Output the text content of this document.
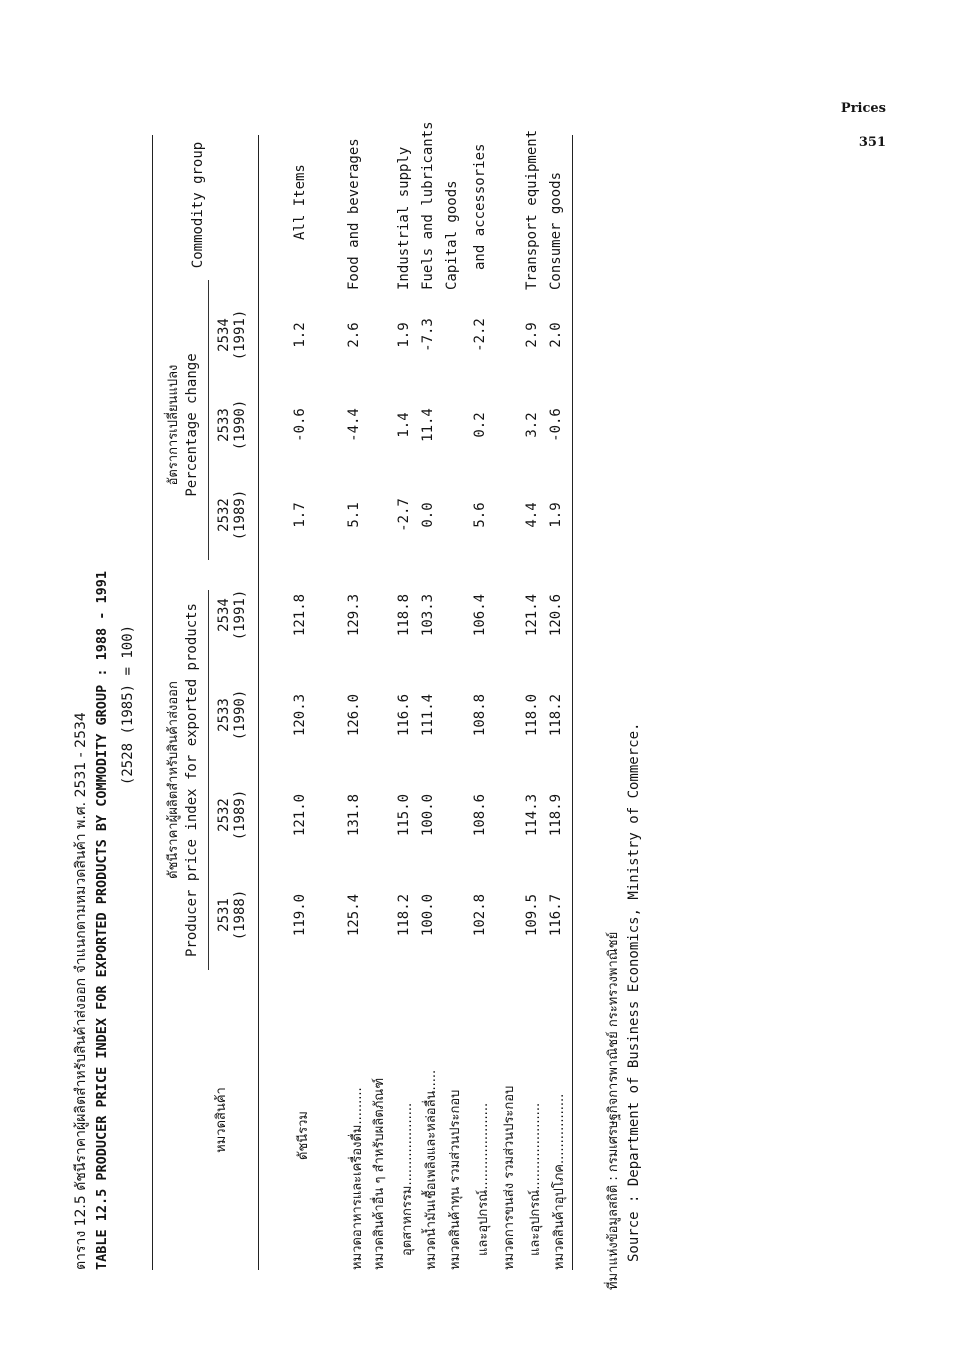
Prices
351
ตาราง 12.5 ดัชนีราคาผู้ผลิตสำหรับสินค้าส่งออก จำแนกตามหมวดสินค้า พ.ศ. 2531 - 2534 TABLE 12.5 PRODUCER PRICE INDEX FOR EXPORTED PRODUCTS BY COMMODITY GROUP : 1988 - 1991 (2528 (1985) = 100)
หมวดสินค้า
ดัชนีราคาผู้ผลิตสำหรับสินค้าส่งออก Producer price index for exported products
อัตราการเปลี่ยนแปลง Percentage change
Commodity group
2531 (1988)
2532 (1989)
2533 (1990)
2534 (1991)
2532 (1989)
2533 (1990)
2534 (1991)
ดัชนีรวม
119.0
121.0
120.3
121.8
1.7
-0.6
1.2
All Items
หมวดอาหารและเครื่องดื่ม.........
125.4
131.8
126.0
129.3
5.1
-4.4
2.6
Food and beverages
หมวดสินค้าอื่น ๆ สำหรับผลิตภัณฑ์	อุตสาหกรรม....................
118.2
115.0
116.6
118.8
-2.7
1.4
1.9
Industrial supply
หมวดน้ำมันเชื้อเพลิงและหล่อลื่น.....
100.0
100.0
111.4
103.3
0.0
11.4
-7.3
Fuels and lubricants
หมวดสินค้าทุน รวมส่วนประกอบ	และอุปกรณ์.....................
Capital goods and accessories
102.8
108.6
108.8
106.4
5.6
0.2
-2.2
หมวดการขนส่ง รวมส่วนประกอบ และอุปกรณ์.....................
109.5
114.3
118.0
121.4
4.4
3.2
2.9
Transport equipment
หมวดสินค้าอุปโภค.................
116.7
118.9
118.2
120.6
1.9
-0.6
2.0
Consumer goods
ที่มาแห่งข้อมูลสถิติ : กรมเศรษฐกิจการพาณิชย์ กระทรวงพาณิชย์ Source : Department of Business Economics, Ministry of Commerce.
